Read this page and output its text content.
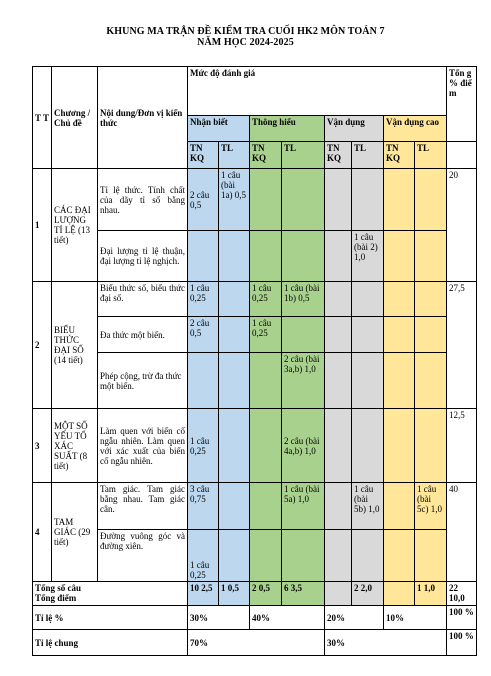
KHUNG MA TRẬN ĐỀ KIỂM TRA CUỐI HK2 MÔN TOÁN 7
NĂM HỌC 2024-2025
T T	Chương / Chủ đề	Nội dung/Đơn vị kiến thức	Mức độ đánh giá								Tổn g % điể m
			Nhận biết		Thông hiểu		Vận dụng		Vận dụng cao		
			TN KQ	TL	TN KQ	TL	TN KQ	TL	TN KQ	TL	
1	CÁC ĐẠI LƯỢNG TỈ LỆ (13 tiết)	Tỉ lệ thức. Tính chất của dãy tỉ số bằng nhau.	2 câu 0,5	1 câu (bài 1a) 0,5							20
		Đại lượng tỉ lệ thuận, đại lượng tỉ lệ nghịch.						1 câu (bài 2) 1,0			
2	BIỂU THỨC ĐẠI SỐ (14 tiết)	Biểu thức số, biểu thức đại số.	1 câu 0,25		1 câu 0,25	1 câu (bài 1b) 0,5					27,5
		Đa thức một biến.	2 câu 0,5		1 câu 0,25						
		Phép cộng, trừ đa thức một biến.				2 câu (bài 3a,b) 1,0					
3	MỘT SỐ YẾU TỐ XÁC SUẤT (8 tiết)	Làm quen với biến cố ngẫu nhiên. Làm quen với xác xuất của biến cố ngẫu nhiên.	1 câu 0,25			2 câu (bài 4a,b) 1,0					12,5
4	TAM GIÁC (29 tiết)	Tam giác. Tam giác bằng nhau. Tam giác cân.	3 câu 0,75			1 câu (bài 5a) 1,0		1 câu (bài 5b) 1,0		1 câu (bài 5c) 1,0	40
		Đường vuông góc và đường xiên.	1 câu 0,25								

Tổng số câu
Tổng điểm			10 2,5	1 0,5	2 0,5	6 3,5		2 2,0		1 1,0	22 10,0
Tỉ lệ %			30%		40%		20%		10%		100 %
Tỉ lệ chung			70%				30%				100 %
